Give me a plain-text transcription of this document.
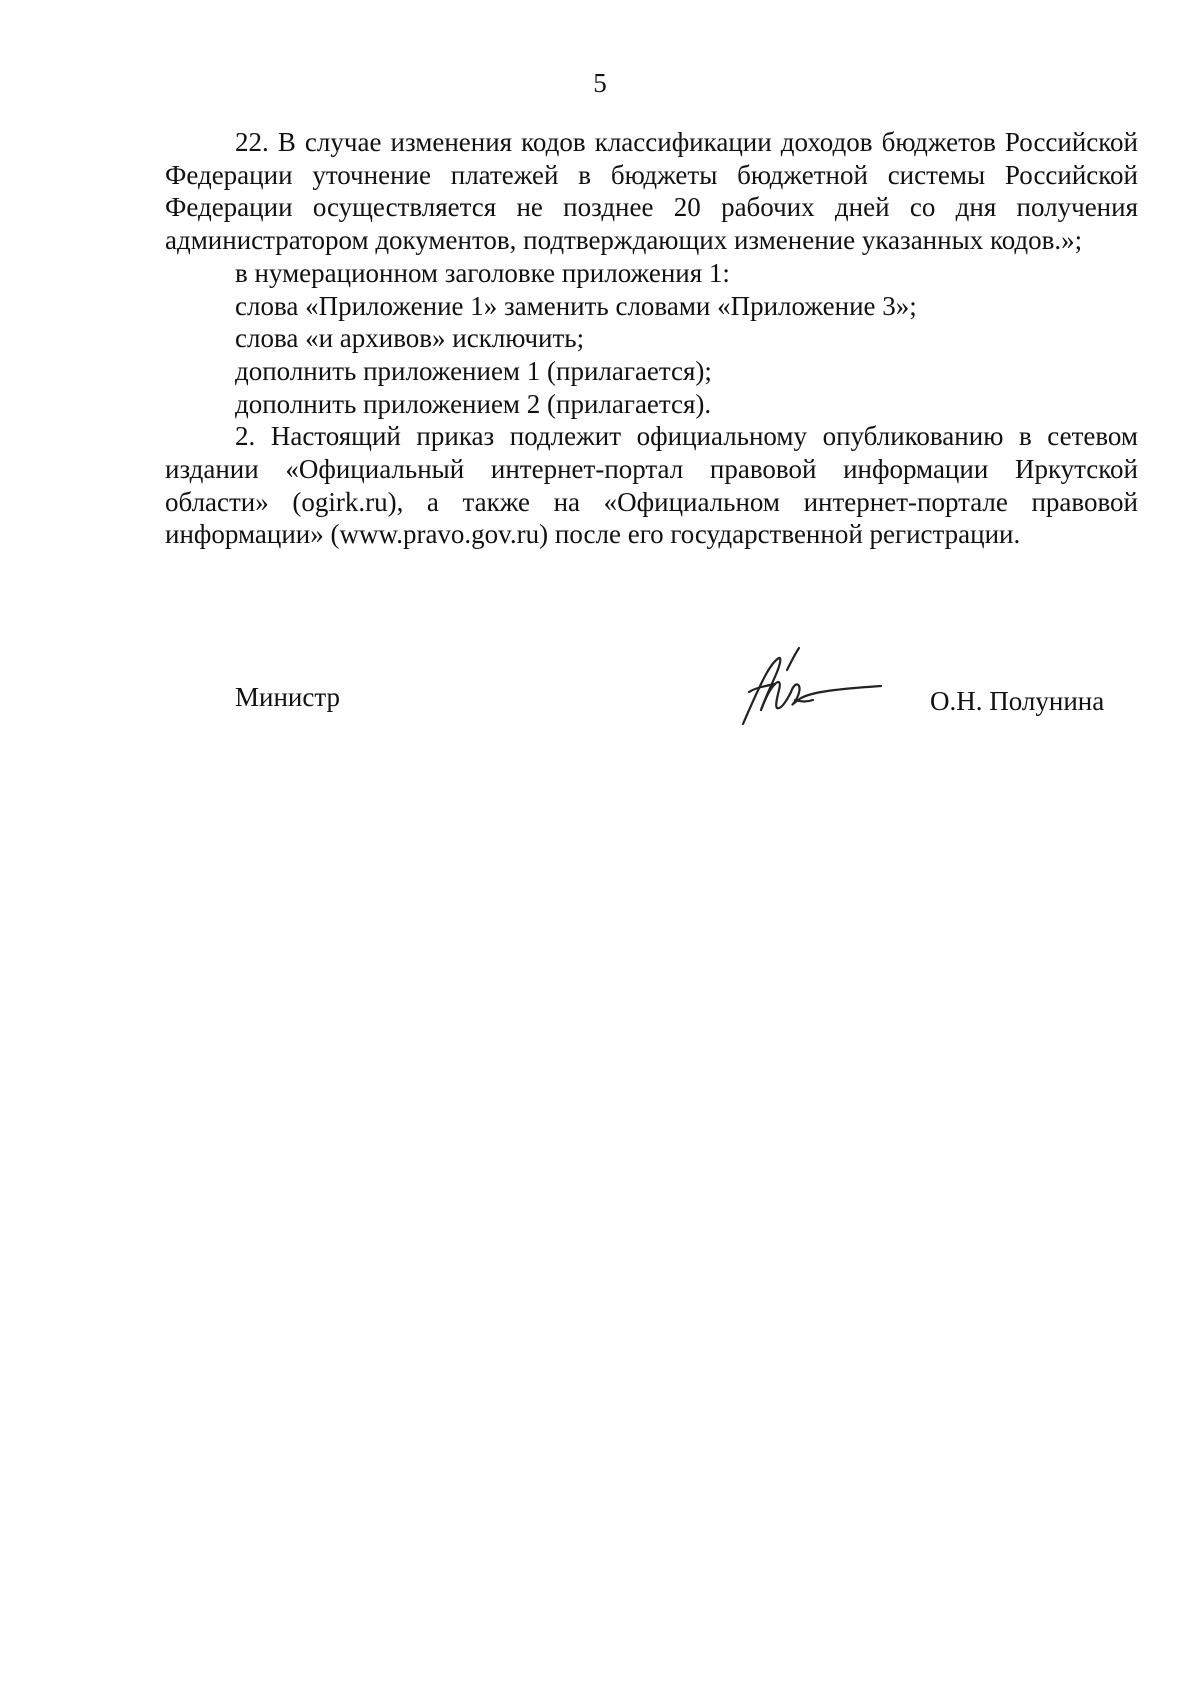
5

22. В случае изменения кодов классификации доходов бюджетов Российской Федерации уточнение платежей в бюджеты бюджетной системы Российской Федерации осуществляется не позднее 20 рабочих дней со дня получения администратором документов, подтверждающих изменение указанных кодов.»;

в нумерационном заголовке приложения 1:

слова «Приложение 1» заменить словами «Приложение 3»;

слова «и архивов» исключить;

дополнить приложением 1 (прилагается);

дополнить приложением 2 (прилагается).

2. Настоящий приказ подлежит официальному опубликованию в сетевом издании «Официальный интернет-портал правовой информации Иркутской области» (ogirk.ru), а также на «Официальном интернет-портале правовой информации» (www.pravo.gov.ru) после его государственной регистрации.

Министр	О.Н. Полунина
